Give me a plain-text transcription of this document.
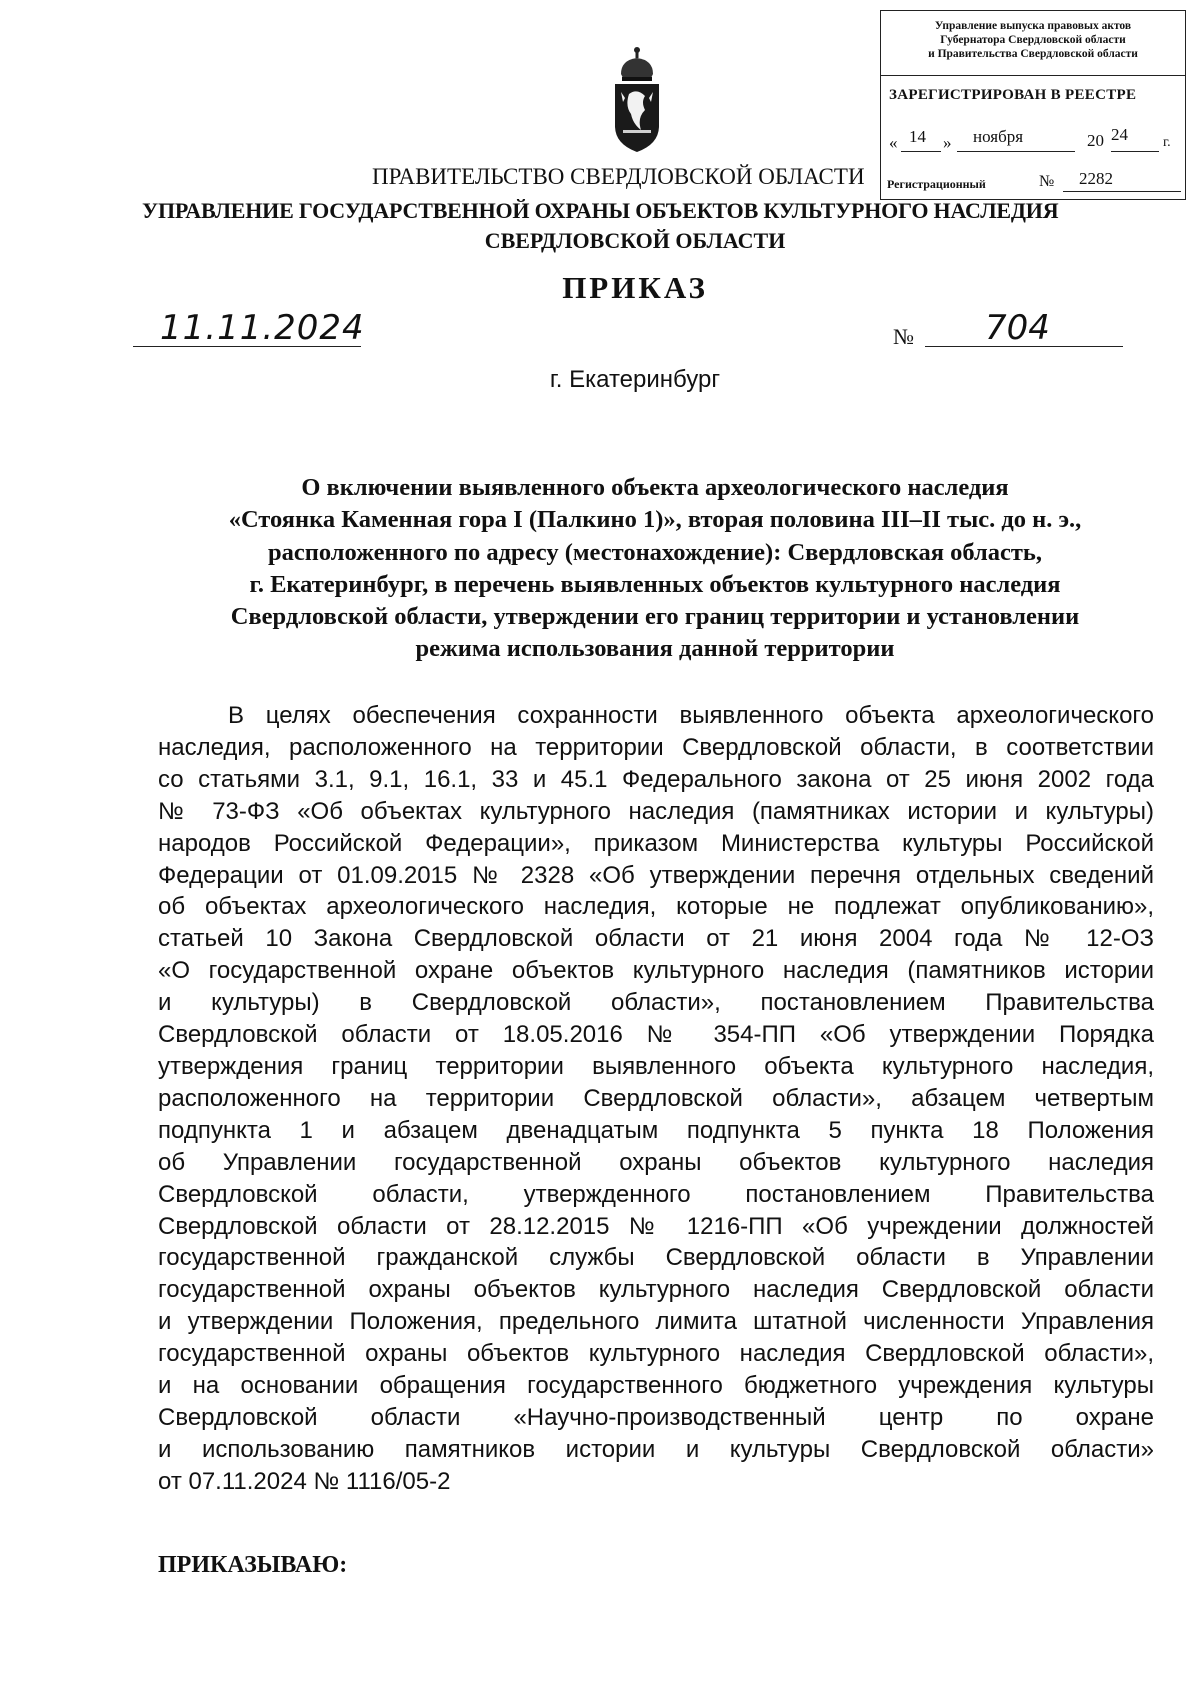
Управление выпуска правовых актов
Губернатора Свердловской области
и Правительства Свердловской области
ЗАРЕГИСТРИРОВАН В РЕЕСТРЕ
« 14 » ноября	20 24	г.
Регистрационный	№ 2282
ПРАВИТЕЛЬСТВО СВЕРДЛОВСКОЙ ОБЛАСТИ
УПРАВЛЕНИЕ ГОСУДАРСТВЕННОЙ ОХРАНЫ ОБЪЕКТОВ КУЛЬТУРНОГО НАСЛЕДИЯ
СВЕРДЛОВСКОЙ ОБЛАСТИ
ПРИКАЗ
11.11.2024	№ 704
г. Екатеринбург
О включении выявленного объекта археологического наследия
«Стоянка Каменная гора I (Палкино 1)», вторая половина III–II тыс. до н. э.,
расположенного по адресу (местонахождение): Свердловская область,
г. Екатеринбург, в перечень выявленных объектов культурного наследия
Свердловской области, утверждении его границ территории и установлении
режима использования данной территории
В целях обеспечения сохранности выявленного объекта археологического
наследия, расположенного на территории Свердловской области, в соответствии
со статьями 3.1, 9.1, 16.1, 33 и 45.1 Федерального закона от 25 июня 2002 года
№ 73-ФЗ «Об объектах культурного наследия (памятниках истории и культуры)
народов Российской Федерации», приказом Министерства культуры Российской
Федерации от 01.09.2015 № 2328 «Об утверждении перечня отдельных сведений
об объектах археологического наследия, которые не подлежат опубликованию»,
статьей 10 Закона Свердловской области от 21 июня 2004 года № 12-ОЗ
«О государственной охране объектов культурного наследия (памятников истории
и культуры) в Свердловской области», постановлением Правительства
Свердловской области от 18.05.2016 № 354-ПП «Об утверждении Порядка
утверждения границ территории выявленного объекта культурного наследия,
расположенного на территории Свердловской области», абзацем четвертым
подпункта 1 и абзацем двенадцатым подпункта 5 пункта 18 Положения
об Управлении государственной охраны объектов культурного наследия
Свердловской области, утвержденного постановлением Правительства
Свердловской области от 28.12.2015 № 1216-ПП «Об учреждении должностей
государственной гражданской службы Свердловской области в Управлении
государственной охраны объектов культурного наследия Свердловской области
и утверждении Положения, предельного лимита штатной численности Управления
государственной охраны объектов культурного наследия Свердловской области»,
и на основании обращения государственного бюджетного учреждения культуры
Свердловской области «Научно-производственный центр по охране
и использованию памятников истории и культуры Свердловской области»
от 07.11.2024 № 1116/05-2
ПРИКАЗЫВАЮ:
